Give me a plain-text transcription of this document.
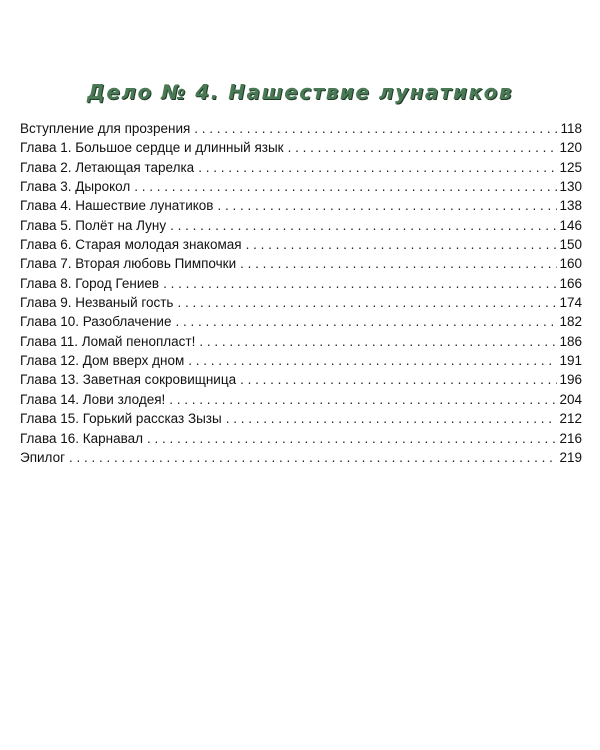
Дело № 4. Нашествие лунатиков
Вступление для прозрения . . .	118
Глава 1. Большое сердце и длинный язык . . .	120
Глава 2. Летающая тарелка . . .	125
Глава 3. Дырокол . . .	130
Глава 4. Нашествие лунатиков . . .	138
Глава 5. Полёт на Луну . . .	146
Глава 6. Старая молодая знакомая . . .	150
Глава 7. Вторая любовь Пимпочки . . .	160
Глава 8. Город Гениев . . .	166
Глава 9. Незваный гость . . .	174
Глава 10. Разоблачение . . .	182
Глава 11. Ломай пенопласт! . . .	186
Глава 12. Дом вверх дном . . .	191
Глава 13. Заветная сокровищница . . .	196
Глава 14. Лови злодея! . . .	204
Глава 15. Горький рассказ Зызы . . .	212
Глава 16. Карнавал . . .	216
Эпилог . . .	219
